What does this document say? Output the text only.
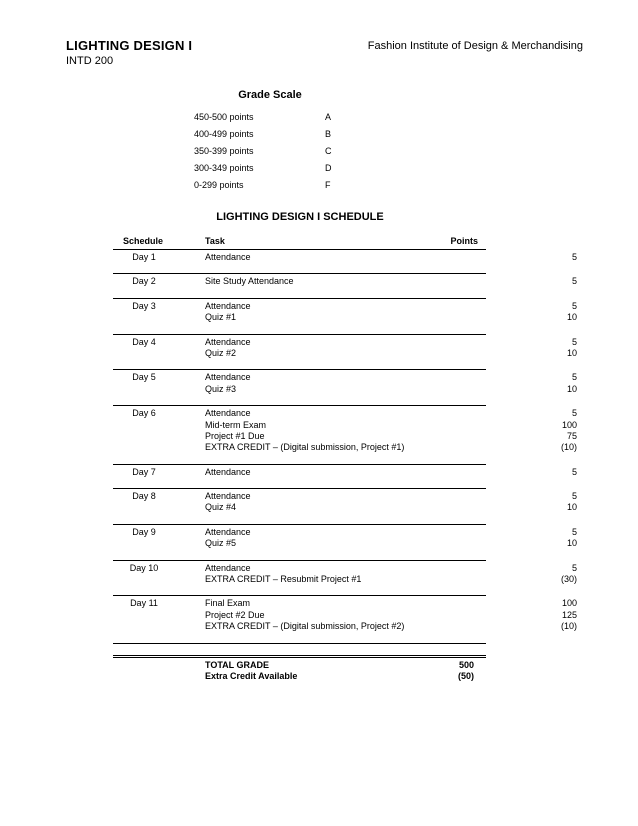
LIGHTING DESIGN I
INTD 200
Fashion Institute of Design & Merchandising
Grade Scale
450-500 points	A
400-499 points	B
350-399 points	C
300-349 points	D
0-299 points	F
LIGHTING DESIGN I SCHEDULE
Schedule	Task	Points
Day 1	Attendance	5
Day 2	Site Study Attendance	5
Day 3	Attendance	5
Quiz #1	10
Day 4	Attendance	5
Quiz #2	10
Day 5	Attendance	5
Quiz #3	10
Day 6	Attendance	5
Mid-term Exam	100
Project #1 Due	75
EXTRA CREDIT – (Digital submission, Project #1)	(10)
Day 7	Attendance	5
Day 8	Attendance	5
Quiz #4	10
Day 9	Attendance	5
Quiz #5	10
Day 10	Attendance	5
EXTRA CREDIT – Resubmit Project #1	(30)
Day 11	Final Exam	100
Project #2 Due	125
EXTRA CREDIT – (Digital submission, Project #2)	(10)
TOTAL GRADE	500
Extra Credit Available	(50)
